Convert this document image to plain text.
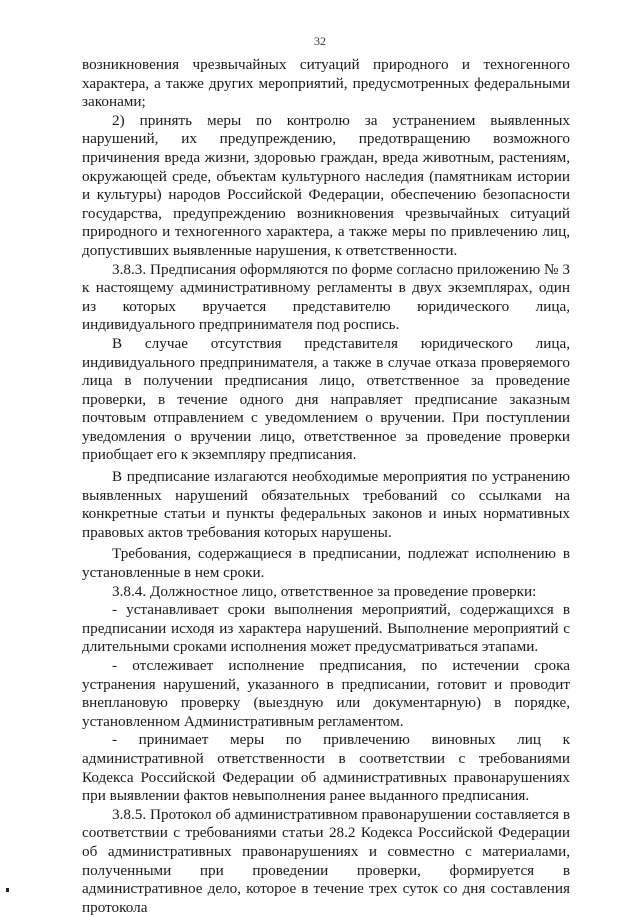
32

возникновения чрезвычайных ситуаций природного и техногенного характера, а также других мероприятий, предусмотренных федеральными законами;

2) принять меры по контролю за устранением выявленных нарушений, их предупреждению, предотвращению возможного причинения вреда жизни, здоровью граждан, вреда животным, растениям, окружающей среде, объектам культурного наследия (памятникам истории и культуры) народов Российской Федерации, обеспечению безопасности государства, предупреждению возникновения чрезвычайных ситуаций природного и техногенного характера, а также меры по привлечению лиц, допустивших выявленные нарушения, к ответственности.

3.8.3. Предписания оформляются по форме согласно приложению № 3 к настоящему административному регламенты в двух экземплярах, один из которых вручается представителю юридического лица, индивидуального предпринимателя под роспись.

В случае отсутствия представителя юридического лица, индивидуального предпринимателя, а также в случае отказа проверяемого лица в получении предписания лицо, ответственное за проведение проверки, в течение одного дня направляет предписание заказным почтовым отправлением с уведомлением о вручении. При поступлении уведомления о вручении лицо, ответственное за проведение проверки приобщает его к экземпляру предписания.

В предписание излагаются необходимые мероприятия по устранению выявленных нарушений обязательных требований со ссылками на конкретные статьи и пункты федеральных законов и иных нормативных правовых актов требования которых нарушены.

Требования, содержащиеся в предписании, подлежат исполнению в установленные в нем сроки.

3.8.4. Должностное лицо, ответственное за проведение проверки:

- устанавливает сроки выполнения мероприятий, содержащихся в предписании исходя из характера нарушений. Выполнение мероприятий с длительными сроками исполнения может предусматриваться этапами.

- отслеживает исполнение предписания, по истечении срока устранения нарушений, указанного в предписании, готовит и проводит внеплановую проверку (выездную или документарную) в порядке, установленном Административным регламентом.

- принимает меры по привлечению виновных лиц к административной ответственности в соответствии с требованиями Кодекса Российской Федерации об административных правонарушениях при выявлении фактов невыполнения ранее выданного предписания.

3.8.5. Протокол об административном правонарушении составляется в соответствии с требованиями статьи 28.2 Кодекса Российской Федерации об административных правонарушениях и совместно с материалами, полученными при проведении проверки, формируется в административное дело, которое в течение трех суток со дня составления протокола
